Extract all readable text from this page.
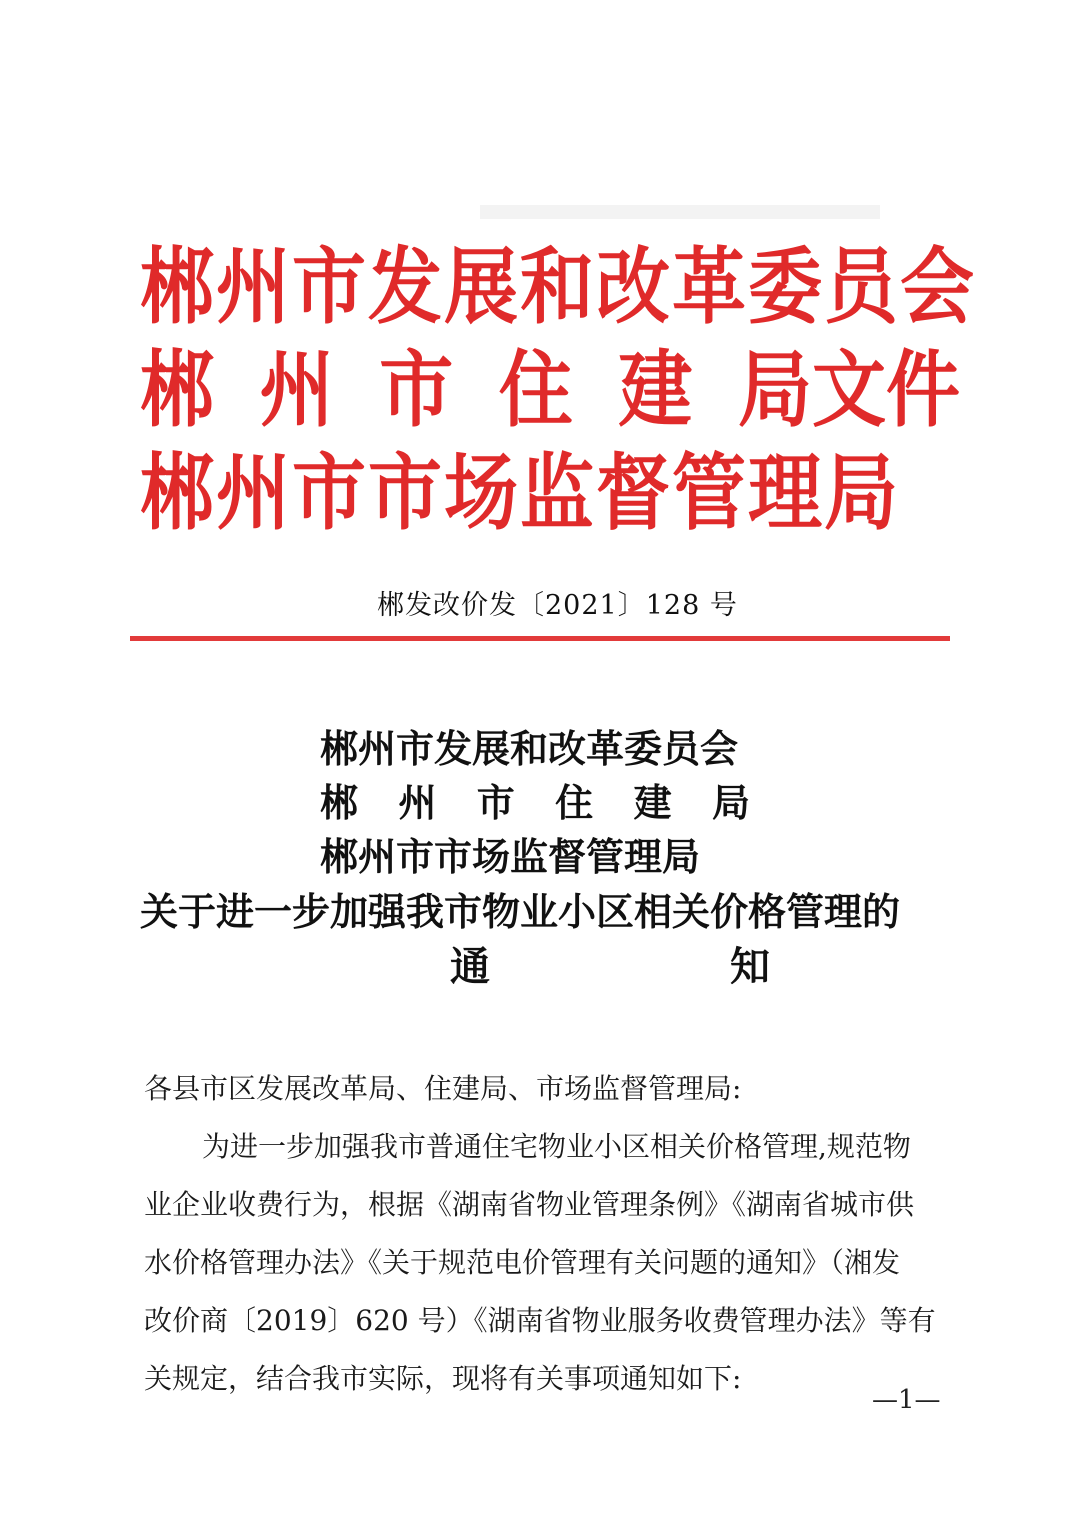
郴州市发展和改革委员会
郴 州 市 住 建 局 文件
郴州市市场监督管理局
郴发改价发〔2021〕128 号
郴州市发展和改革委员会
郴 州 市 住 建 局
郴州市市场监督管理局
关于进一步加强我市物业小区相关价格管理的
通	知
各县市区发展改革局、住建局、市场监督管理局:
为进一步加强我市普通住宅物业小区相关价格管理,规范物
业企业收费行为，根据《湖南省物业管理条例》《湖南省城市供
水价格管理办法》《关于规范电价管理有关问题的通知》（湘发
改价商〔2019〕620 号）《湖南省物业服务收费管理办法》等有
关规定，结合我市实际，现将有关事项通知如下:
—1—
